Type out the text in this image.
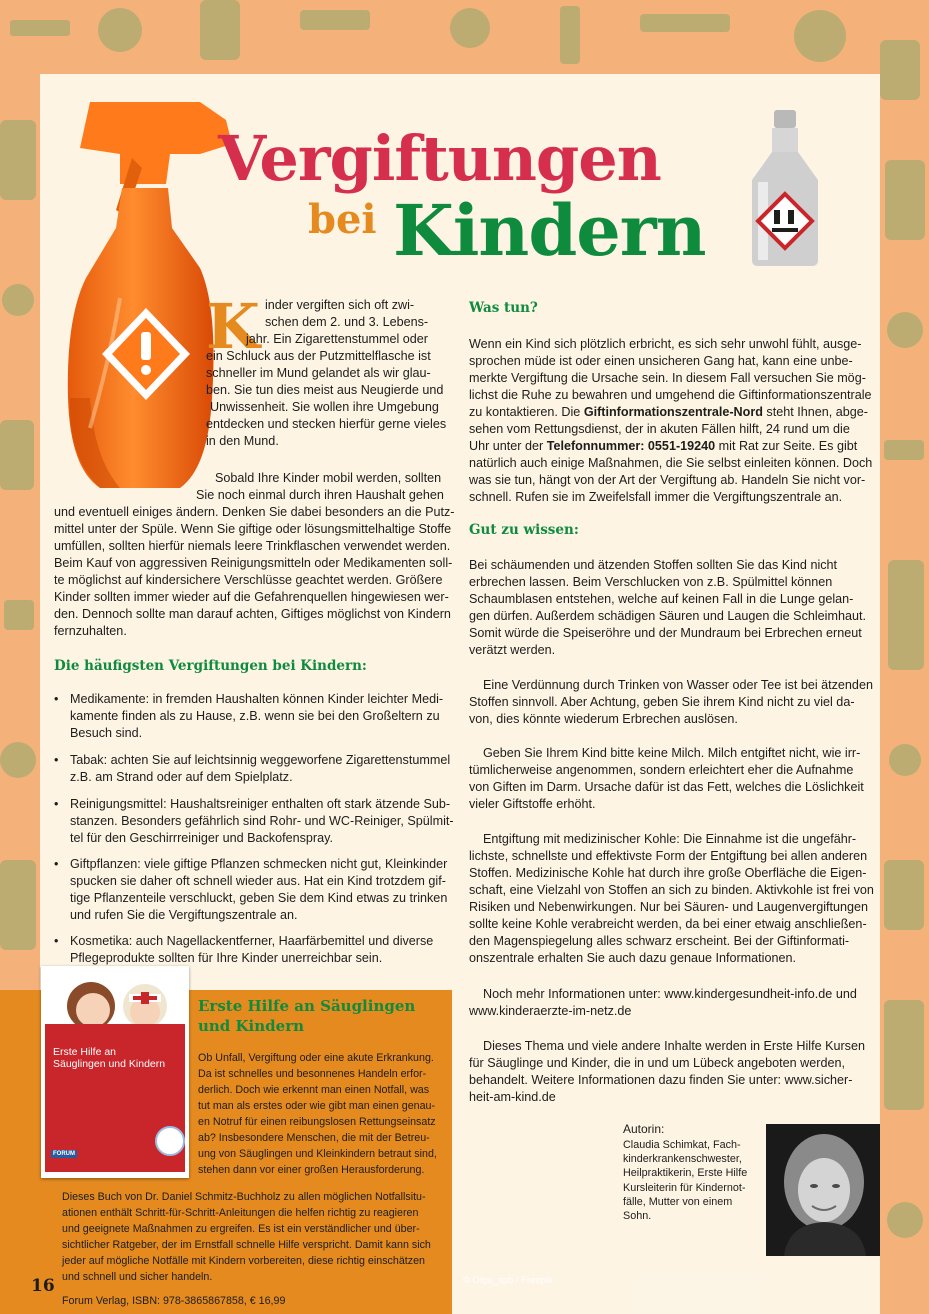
Vergiftungen
bei Kindern
K inder vergiften sich oft zwi-
schen dem 2. und 3. Lebens-
jahr. Ein Zigarettenstummel oder
ein Schluck aus der Putzmittelflasche ist
schneller im Mund gelandet als wir glau-
ben. Sie tun dies meist aus Neugierde und
Unwissenheit. Sie wollen ihre Umgebung
entdecken und stecken hierfür gerne vieles
in den Mund.
Sobald Ihre Kinder mobil werden, sollten
Sie noch einmal durch ihren Haushalt gehen
und eventuell einiges ändern. Denken Sie dabei besonders an die Putz-
mittel unter der Spüle. Wenn Sie giftige oder lösungsmittelhaltige Stoffe
umfüllen, sollten hierfür niemals leere Trinkflaschen verwendet werden.
Beim Kauf von aggressiven Reinigungsmitteln oder Medikamenten soll-
te möglichst auf kindersichere Verschlüsse geachtet werden. Größere
Kinder sollten immer wieder auf die Gefahrenquellen hingewiesen wer-
den. Dennoch sollte man darauf achten, Giftiges möglichst von Kindern
fernzuhalten.
Die häufigsten Vergiftungen bei Kindern:
• Medikamente: in fremden Haushalten können Kinder leichter Medi-
kamente finden als zu Hause, z.B. wenn sie bei den Großeltern zu
Besuch sind.
• Tabak: achten Sie auf leichtsinnig weggeworfene Zigarettenstummel
z.B. am Strand oder auf dem Spielplatz.
• Reinigungsmittel: Haushaltsreiniger enthalten oft stark ätzende Sub-
stanzen. Besonders gefährlich sind Rohr- und WC-Reiniger, Spülmit-
tel für den Geschirrreiniger und Backofenspray.
• Giftpflanzen: viele giftige Pflanzen schmecken nicht gut, Kleinkinder
spucken sie daher oft schnell wieder aus. Hat ein Kind trotzdem gif-
tige Pflanzenteile verschluckt, geben Sie dem Kind etwas zu trinken
und rufen Sie die Vergiftungszentrale an.
• Kosmetika: auch Nagellackentferner, Haarfärbemittel und diverse
Pflegeprodukte sollten für Ihre Kinder unerreichbar sein.
Was tun?
Wenn ein Kind sich plötzlich erbricht, es sich sehr unwohl fühlt, ausge-
sprochen müde ist oder einen unsicheren Gang hat, kann eine unbe-
merkte Vergiftung die Ursache sein. In diesem Fall versuchen Sie mög-
lichst die Ruhe zu bewahren und umgehend die Giftinformationszentrale
zu kontaktieren. Die Giftinformationszentrale-Nord steht Ihnen, abge-
sehen vom Rettungsdienst, der in akuten Fällen hilft, 24 rund um die
Uhr unter der Telefonnummer: 0551-19240 mit Rat zur Seite. Es gibt
natürlich auch einige Maßnahmen, die Sie selbst einleiten können. Doch
was sie tun, hängt von der Art der Vergiftung ab. Handeln Sie nicht vor-
schnell. Rufen sie im Zweifelsfall immer die Vergiftungszentrale an.
Gut zu wissen:
Bei schäumenden und ätzenden Stoffen sollten Sie das Kind nicht
erbrechen lassen. Beim Verschlucken von z.B. Spülmittel können
Schaumblasen entstehen, welche auf keinen Fall in die Lunge gelan-
gen dürfen. Außerdem schädigen Säuren und Laugen die Schleimhaut.
Somit würde die Speiseröhre und der Mundraum bei Erbrechen erneut
verätzt werden.
Eine Verdünnung durch Trinken von Wasser oder Tee ist bei ätzenden
Stoffen sinnvoll. Aber Achtung, geben Sie ihrem Kind nicht zu viel da-
von, dies könnte wiederum Erbrechen auslösen.
Geben Sie Ihrem Kind bitte keine Milch. Milch entgiftet nicht, wie irr-
tümlicherweise angenommen, sondern erleichtert eher die Aufnahme
von Giften im Darm. Ursache dafür ist das Fett, welches die Löslichkeit
vieler Giftstoffe erhöht.
Entgiftung mit medizinischer Kohle: Die Einnahme ist die ungefähr-
lichste, schnellste und effektivste Form der Entgiftung bei allen anderen
Stoffen. Medizinische Kohle hat durch ihre große Oberfläche die Eigen-
schaft, eine Vielzahl von Stoffen an sich zu binden. Aktivkohle ist frei von
Risiken und Nebenwirkungen. Nur bei Säuren- und Laugenvergiftungen
sollte keine Kohle verabreicht werden, da bei einer etwaig anschließen-
den Magenspiegelung alles schwarz erscheint. Bei der Giftinformati-
onszentrale erhalten Sie auch dazu genaue Informationen.
Noch mehr Informationen unter: www.kindergesundheit-info.de und
www.kinderaerzte-im-netz.de
Dieses Thema und viele andere Inhalte werden in Erste Hilfe Kursen
für Säuglinge und Kinder, die in und um Lübeck angeboten werden,
behandelt. Weitere Informationen dazu finden Sie unter: www.sicher-
heit-am-kind.de
Autorin:
Claudia Schimkat, Fach-
kinderkrankenschwester,
Heilpraktikerin, Erste Hilfe
Kursleiterin für Kindernot-
fälle, Mutter von einem
Sohn.
Erste Hilfe an
Säuglingen und Kindern
FORUM
Erste Hilfe an Säuglingen
und Kindern
Ob Unfall, Vergiftung oder eine akute Erkrankung.
Da ist schnelles und besonnenes Handeln erfor-
derlich. Doch wie erkennt man einen Notfall, was
tut man als erstes oder wie gibt man einen genau-
en Notruf für einen reibungslosen Rettungseinsatz
ab? Insbesondere Menschen, die mit der Betreu-
ung von Säuglingen und Kleinkindern betraut sind,
stehen dann vor einer großen Herausforderung.
Dieses Buch von Dr. Daniel Schmitz-Buchholz zu allen möglichen Notfallsitu-
ationen enthält Schritt-für-Schritt-Anleitungen die helfen richtig zu reagieren
und geeignete Maßnahmen zu ergreifen. Es ist ein verständlicher und über-
sichtlicher Ratgeber, der im Ernstfall schnelle Hilfe verspricht. Damit kann sich
jeder auf mögliche Notfälle mit Kindern vorbereiten, diese richtig einschätzen
und schnell und sicher handeln.
Forum Verlag, ISBN: 978-3865867858, € 16,99
16	© Olga_spb / Freepik
